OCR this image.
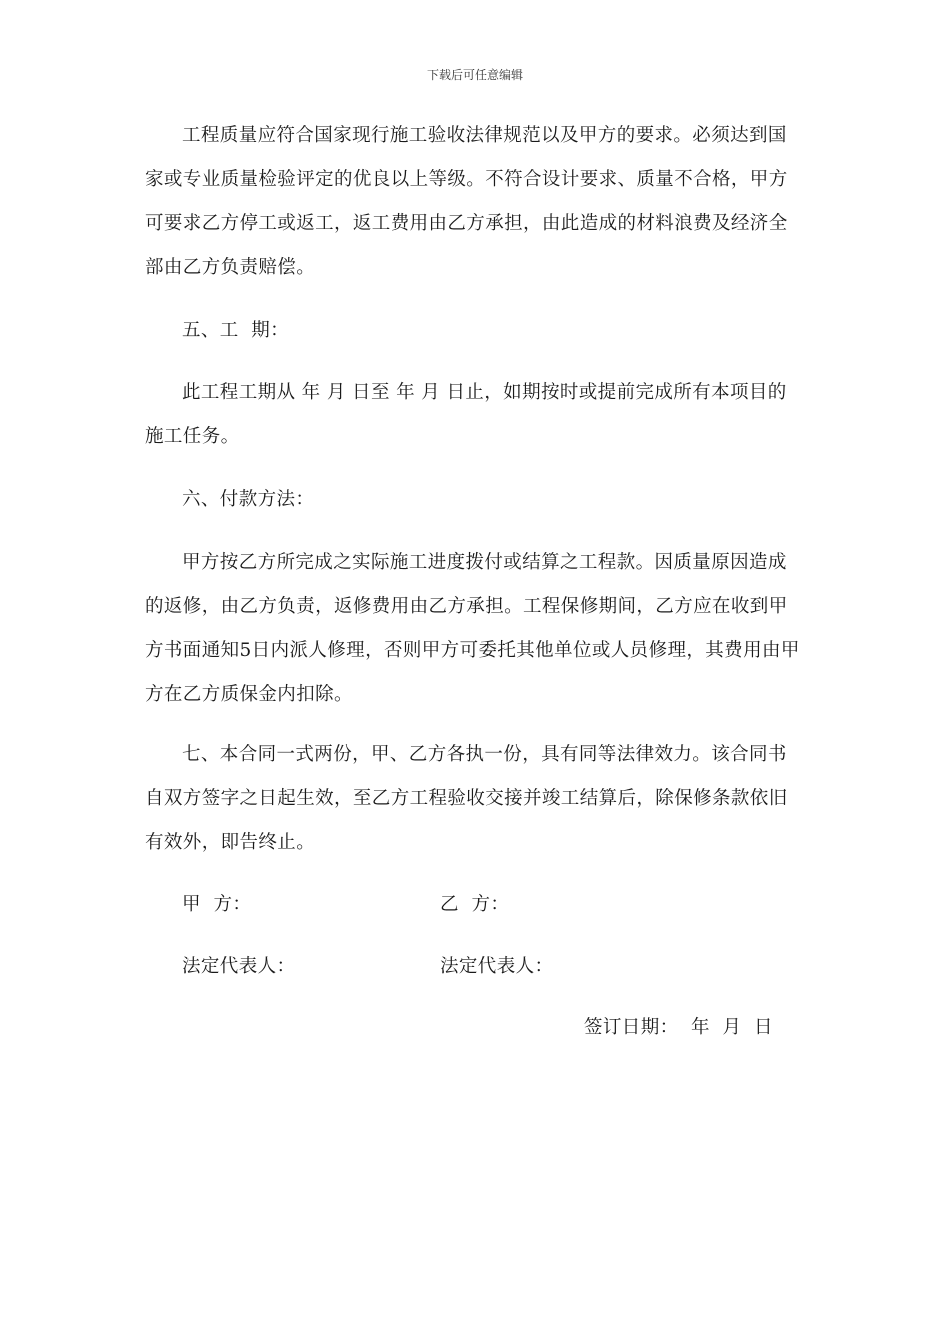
下载后可任意编辑

工程质量应符合国家现行施工验收法律规范以及甲方的要求。必须达到国家或专业质量检验评定的优良以上等级。不符合设计要求、质量不合格，甲方可要求乙方停工或返工，返工费用由乙方承担，由此造成的材料浪费及经济全部由乙方负责赔偿。

五、工  期：

此工程工期从 年 月 日至 年 月 日止，如期按时或提前完成所有本项目的施工任务。

六、付款方法：

甲方按乙方所完成之实际施工进度拨付或结算之工程款。因质量原因造成的返修，由乙方负责，返修费用由乙方承担。工程保修期间，乙方应在收到甲方书面通知5日内派人修理，否则甲方可委托其他单位或人员修理，其费用由甲方在乙方质保金内扣除。

七、本合同一式两份，甲、乙方各执一份，具有同等法律效力。该合同书自双方签字之日起生效，至乙方工程验收交接并竣工结算后，除保修条款依旧有效外，即告终止。

甲  方：	乙  方：
法定代表人：	法定代表人：
签订日期：  年  月  日
